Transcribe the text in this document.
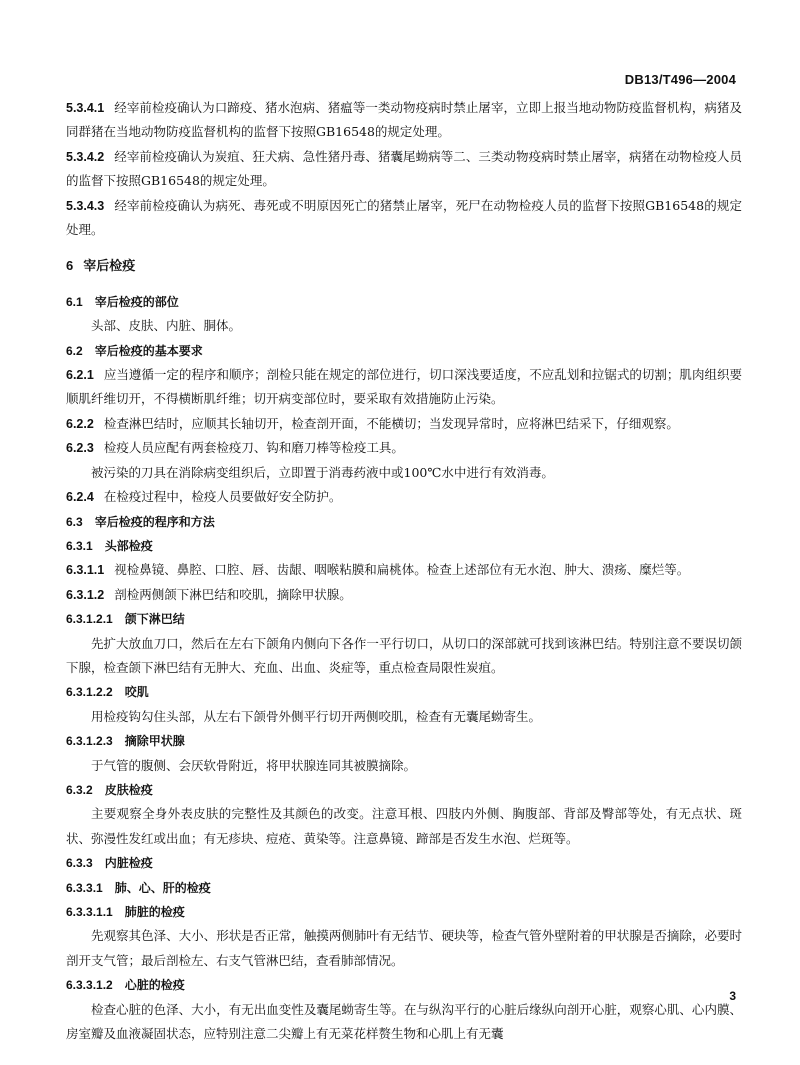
DB13/T496—2004

5.3.4.1 经宰前检疫确认为口蹄疫、猪水泡病、猪瘟等一类动物疫病时禁止屠宰，立即上报当地动物防疫监督机构，病猪及同群猪在当地动物防疫监督机构的监督下按照GB16548的规定处理。

5.3.4.2 经宰前检疫确认为炭疽、狂犬病、急性猪丹毒、猪囊尾蚴病等二、三类动物疫病时禁止屠宰，病猪在动物检疫人员的监督下按照GB16548的规定处理。

5.3.4.3 经宰前检疫确认为病死、毒死或不明原因死亡的猪禁止屠宰，死尸在动物检疫人员的监督下按照GB16548的规定处理。

6 宰后检疫

6.1 宰后检疫的部位

头部、皮肤、内脏、胴体。

6.2 宰后检疫的基本要求

6.2.1 应当遵循一定的程序和顺序；剖检只能在规定的部位进行，切口深浅要适度，不应乱划和拉锯式的切割；肌肉组织要顺肌纤维切开，不得横断肌纤维；切开病变部位时，要采取有效措施防止污染。

6.2.2 检查淋巴结时，应顺其长轴切开，检查剖开面，不能横切；当发现异常时，应将淋巴结采下，仔细观察。

6.2.3 检疫人员应配有两套检疫刀、钩和磨刀棒等检疫工具。

被污染的刀具在消除病变组织后，立即置于消毒药液中或100℃水中进行有效消毒。

6.2.4 在检疫过程中，检疫人员要做好安全防护。

6.3 宰后检疫的程序和方法

6.3.1 头部检疫

6.3.1.1 视检鼻镜、鼻腔、口腔、唇、齿龈、咽喉粘膜和扁桃体。检查上述部位有无水泡、肿大、溃疡、糜烂等。

6.3.1.2 剖检两侧颌下淋巴结和咬肌，摘除甲状腺。

6.3.1.2.1 颌下淋巴结

先扩大放血刀口，然后在左右下颌角内侧向下各作一平行切口，从切口的深部就可找到该淋巴结。特别注意不要误切颌下腺，检查颌下淋巴结有无肿大、充血、出血、炎症等，重点检查局限性炭疽。

6.3.1.2.2 咬肌

用检疫钩勾住头部，从左右下颌骨外侧平行切开两侧咬肌，检查有无囊尾蚴寄生。

6.3.1.2.3 摘除甲状腺

于气管的腹侧、会厌软骨附近，将甲状腺连同其被膜摘除。

6.3.2 皮肤检疫

主要观察全身外表皮肤的完整性及其颜色的改变。注意耳根、四肢内外侧、胸腹部、背部及臀部等处，有无点状、斑状、弥漫性发红或出血；有无疹块、痘疮、黄染等。注意鼻镜、蹄部是否发生水泡、烂斑等。

6.3.3 内脏检疫

6.3.3.1 肺、心、肝的检疫

6.3.3.1.1 肺脏的检疫

先观察其色泽、大小、形状是否正常，触摸两侧肺叶有无结节、硬块等，检查气管外壁附着的甲状腺是否摘除，必要时剖开支气管；最后剖检左、右支气管淋巴结，查看肺部情况。

6.3.3.1.2 心脏的检疫

检查心脏的色泽、大小，有无出血变性及囊尾蚴寄生等。在与纵沟平行的心脏后缘纵向剖开心脏，观察心肌、心内膜、房室瓣及血液凝固状态，应特别注意二尖瓣上有无菜花样赘生物和心肌上有无囊

3
